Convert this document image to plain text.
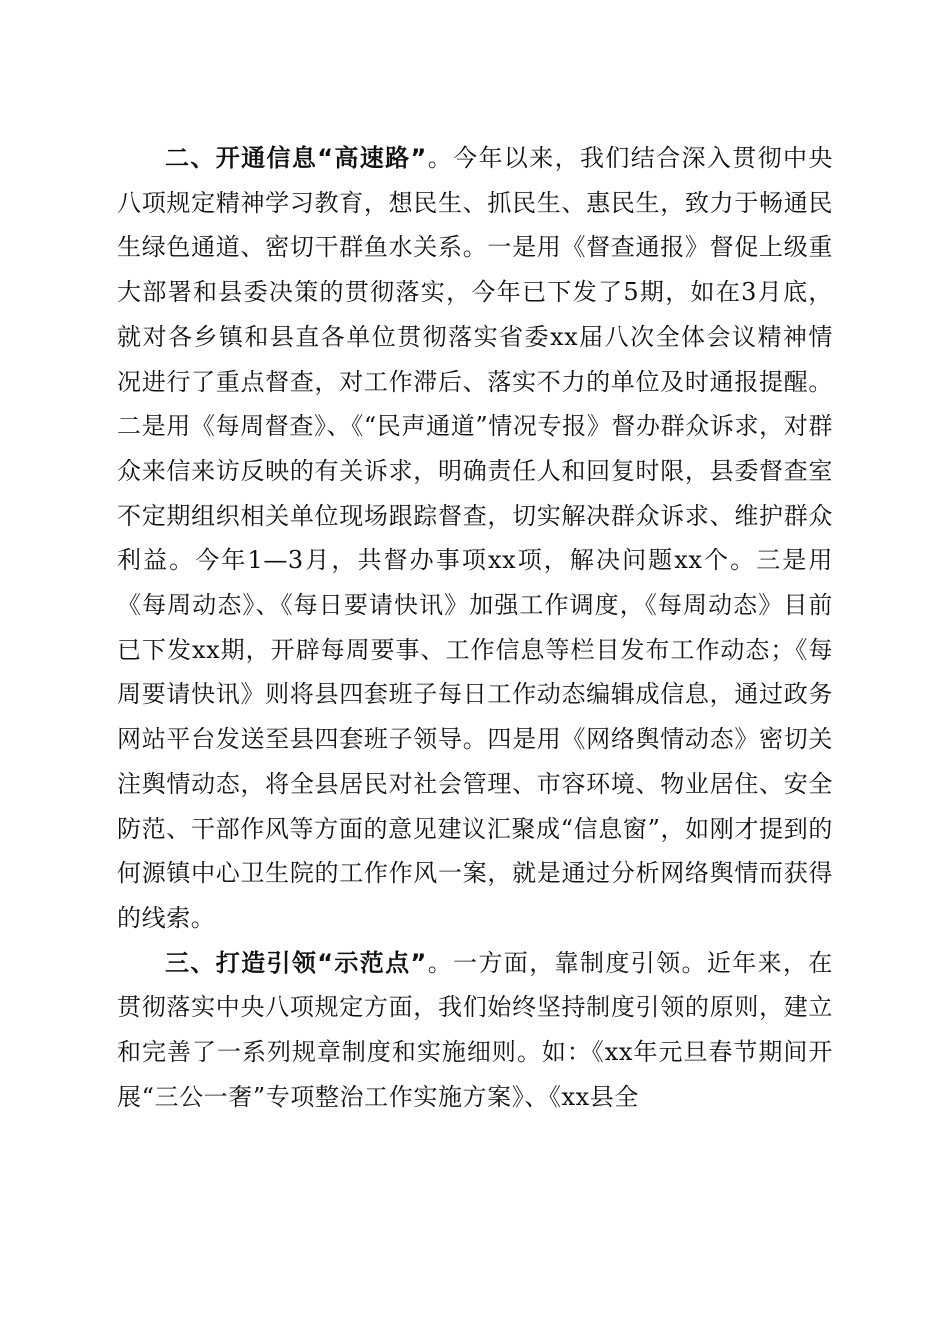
二、开通信息“高速路”。今年以来，我们结合深入贯彻中央八项规定精神学习教育，想民生、抓民生、惠民生，致力于畅通民生绿色通道、密切干群鱼水关系。一是用《督查通报》督促上级重大部署和县委决策的贯彻落实，今年已下发了5期，如在3月底，就对各乡镇和县直各单位贯彻落实省委xx届八次全体会议精神情况进行了重点督查，对工作滞后、落实不力的单位及时通报提醒。二是用《每周督查》、《“民声通道”情况专报》督办群众诉求，对群众来信来访反映的有关诉求，明确责任人和回复时限，县委督查室不定期组织相关单位现场跟踪督查，切实解决群众诉求、维护群众利益。今年1—3月，共督办事项xx项，解决问题xx个。三是用《每周动态》、《每日要请快讯》加强工作调度，《每周动态》目前已下发xx期，开辟每周要事、工作信息等栏目发布工作动态；《每周要请快讯》则将县四套班子每日工作动态编辑成信息，通过政务网站平台发送至县四套班子领导。四是用《网络舆情动态》密切关注舆情动态，将全县居民对社会管理、市容环境、物业居住、安全防范、干部作风等方面的意见建议汇聚成“信息窗”，如刚才提到的何源镇中心卫生院的工作作风一案，就是通过分析网络舆情而获得的线索。

三、打造引领“示范点”。一方面，靠制度引领。近年来，在贯彻落实中央八项规定方面，我们始终坚持制度引领的原则，建立和完善了一系列规章制度和实施细则。如：《xx年元旦春节期间开展“三公一奢”专项整治工作实施方案》、《xx县全
